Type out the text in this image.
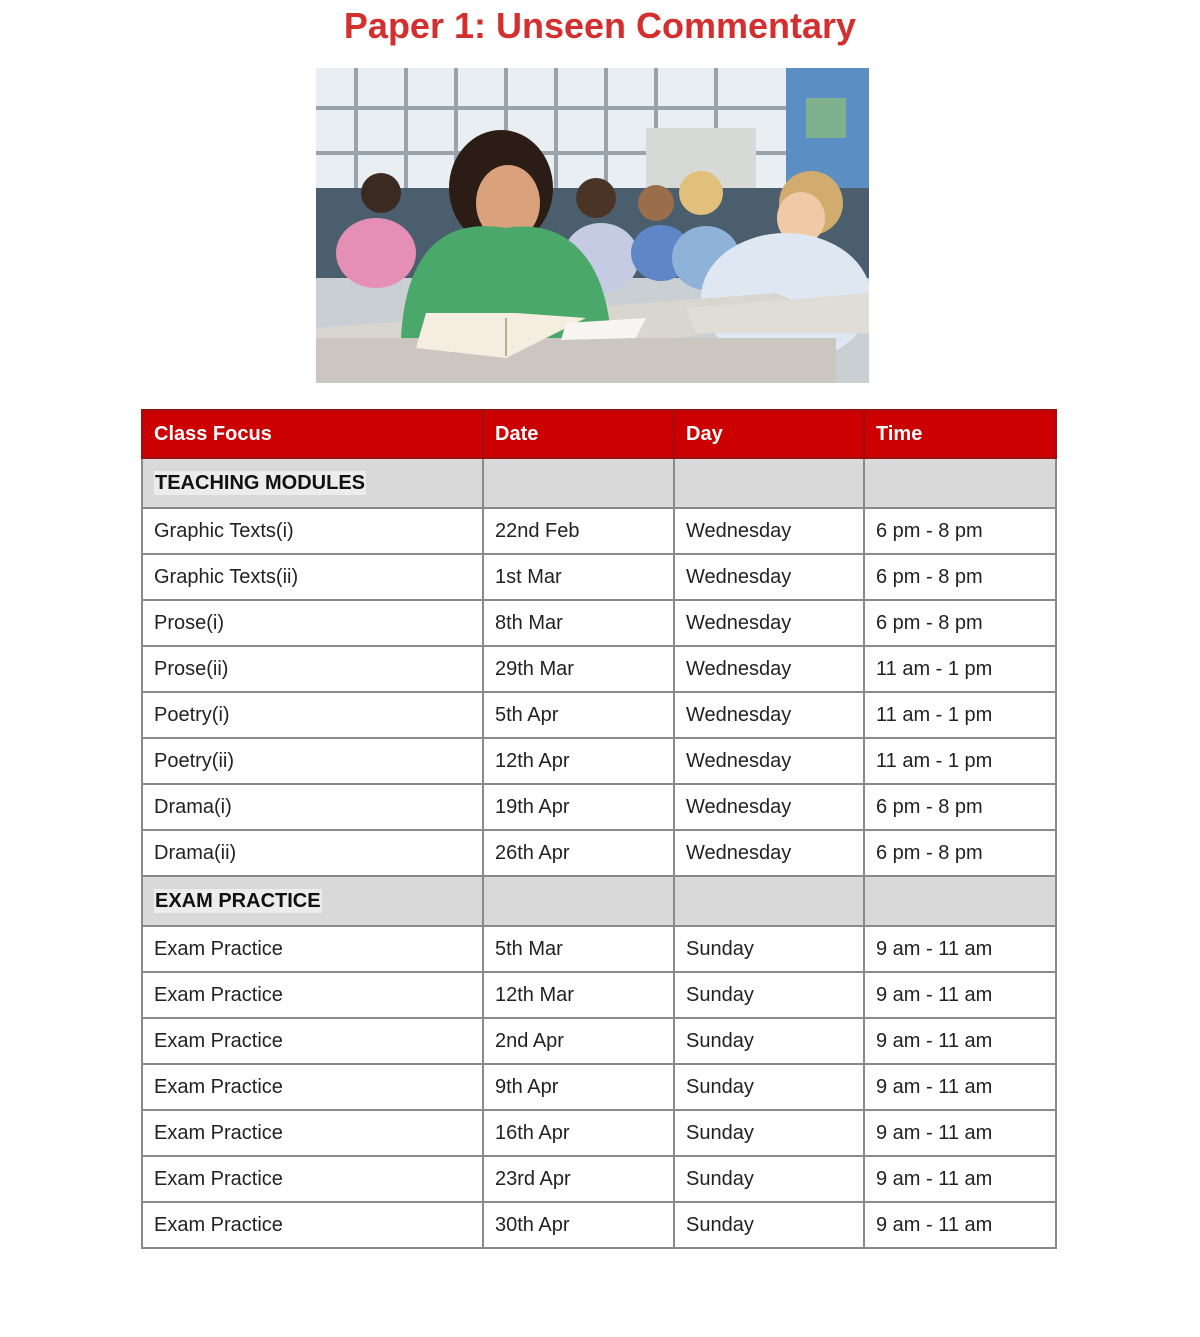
Paper 1: Unseen Commentary
Class Focus	Date	Day	Time
TEACHING MODULES			
Graphic Texts(i)	22nd Feb	Wednesday	6 pm - 8 pm
Graphic Texts(ii)	1st Mar	Wednesday	6 pm - 8 pm
Prose(i)	8th Mar	Wednesday	6 pm - 8 pm
Prose(ii)	29th Mar	Wednesday	11 am - 1 pm
Poetry(i)	5th Apr	Wednesday	11 am - 1 pm
Poetry(ii)	12th Apr	Wednesday	11 am - 1 pm
Drama(i)	19th Apr	Wednesday	6 pm - 8 pm
Drama(ii)	26th Apr	Wednesday	6 pm - 8 pm
EXAM PRACTICE			
Exam Practice	5th Mar	Sunday	9 am - 11 am
Exam Practice	12th Mar	Sunday	9 am - 11 am
Exam Practice	2nd Apr	Sunday	9 am - 11 am
Exam Practice	9th Apr	Sunday	9 am - 11 am
Exam Practice	16th Apr	Sunday	9 am - 11 am
Exam Practice	23rd Apr	Sunday	9 am - 11 am
Exam Practice	30th Apr	Sunday	9 am - 11 am
